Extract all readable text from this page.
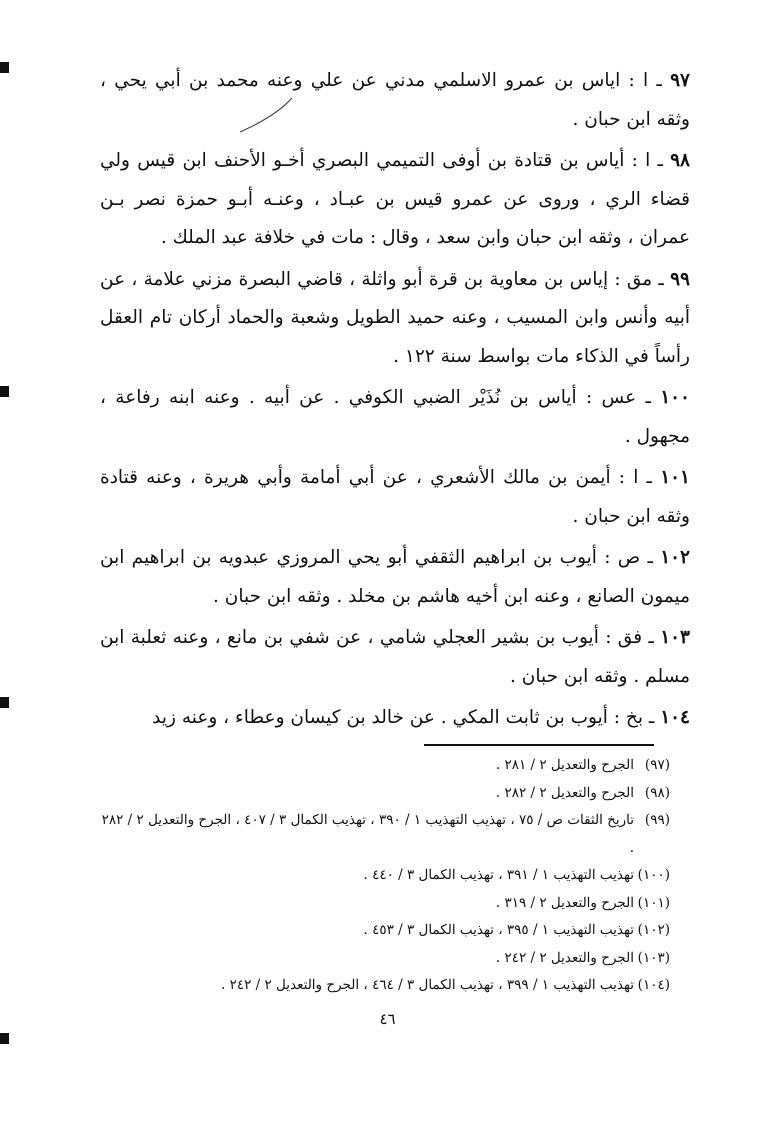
٩٧ ـ ا : اياس بن عمرو الاسلمي مدني عن علي وعنه محمد بن أبي يحي ، وثقه ابن حبان .

٩٨ ـ ا : أياس بن قتادة بن أوفى التميمي البصري أخـو الأحنف ابن قيس ولي قضاء الري ، وروى عن عمرو قيس بن عبـاد ، وعنـه أبـو حمزة نصر بـن عمران ، وثقه ابن حبان وابن سعد ، وقال : مات في خلافة عبد الملك .

٩٩ ـ مق : إياس بن معاوية بن قرة أبو واثلة ، قاضي البصرة مزني علامة ، عن أبيه وأنس وابن المسيب ، وعنه حميد الطويل وشعبة والحماد أركان تام العقل رأساً في الذكاء مات بواسط سنة ١٢٢ .

١٠٠ ـ عس : أياس بن نُذَيْر الضبي الكوفي . عن أبيه . وعنه ابنه رفاعة ، مجهول .

١٠١ ـ ا : أيمن بن مالك الأشعري ، عن أبي أمامة وأبي هريرة ، وعنه قتادة وثقه ابن حبان .

١٠٢ ـ ص : أيوب بن ابراهيم الثقفي أبو يحي المروزي عبدويه بن ابراهيم ابن ميمون الصانع ، وعنه ابن أخيه هاشم بن مخلد . وثقه ابن حبان .

١٠٣ ـ فق : أيوب بن بشير العجلي شامي ، عن شفي بن مانع ، وعنه ثعلبة ابن مسلم . وثقه ابن حبان .

١٠٤ ـ بخ : أيوب بن ثابت المكي . عن خالد بن كيسان وعطاء ، وعنه زيد

(٩٧)
الجرح والتعديل ٢ / ٢٨١ .
(٩٨)
الجرح والتعديل ٢ / ٢٨٢ .
(٩٩)
تاريخ الثقات ص / ٧٥ ، تهذيب التهذيب ١ / ٣٩٠ ، تهذيب الكمال ٣ / ٤٠٧ ، الجرح والتعديل ٢ / ٢٨٢ .
(١٠٠)
تهذيب التهذيب ١ / ٣٩١ ، تهذيب الكمال ٣ / ٤٤٠ .
(١٠١)
الجرح والتعديل ٢ / ٣١٩ .
(١٠٢)
تهذيب التهذيب ١ / ٣٩٥ ، تهذيب الكمال ٣ / ٤٥٣ .
(١٠٣)
الجرح والتعديل ٢ / ٢٤٢ .
(١٠٤)
تهذيب التهذيب ١ / ٣٩٩ ، تهذيب الكمال ٣ / ٤٦٤ ، الجرح والتعديل ٢ / ٢٤٢ .
٤٦
